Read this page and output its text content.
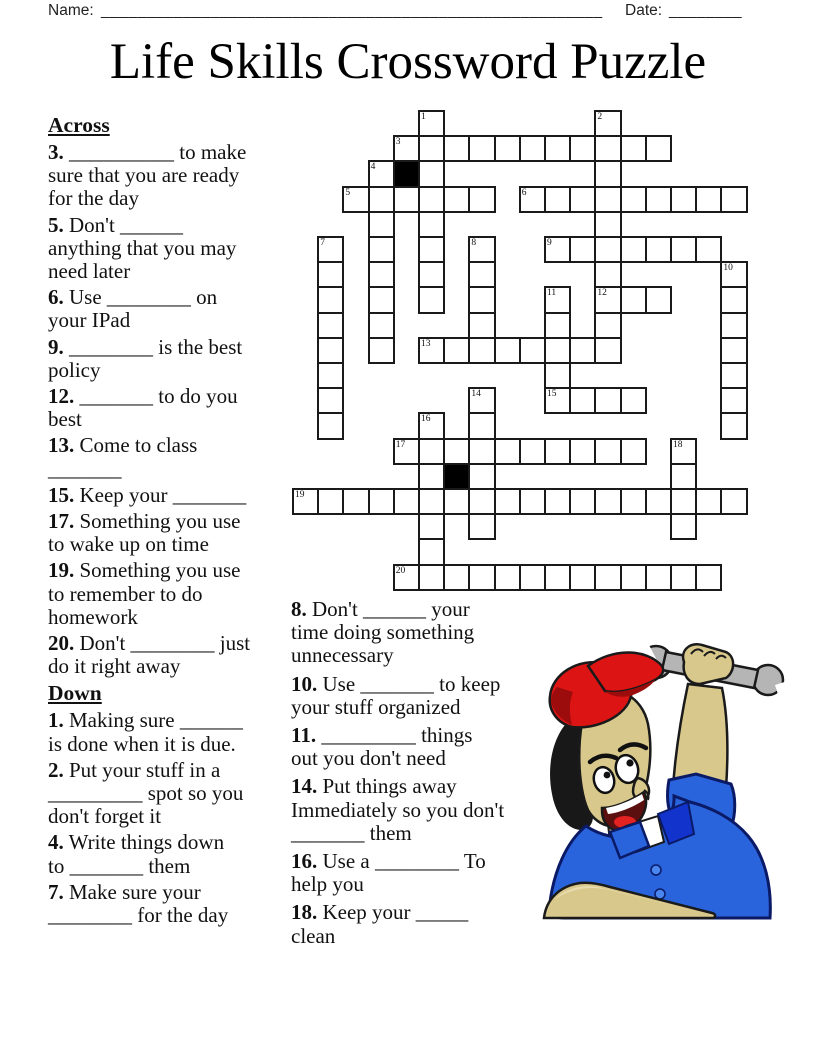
Name: _______________________________________________________ Date: ________
Life Skills Crossword Puzzle
Across
3. __________ to make
sure that you are ready
for the day
5. Don't ______
anything that you may
need later
6. Use ________ on
your IPad
9. ________ is the best
policy
12. _______ to do you
best
13. Come to class
_______
15. Keep your _______
17. Something you use
to wake up on time
19. Something you use
to remember to do
homework
20. Don't ________ just
do it right away
Down
1. Making sure ______
is done when it is due.
2. Put your stuff in a
_________ spot so you
don't forget it
4. Write things down
to _______ them
7. Make sure your
________ for the day
1	2
12
3
4
5	6
7	8	9
10
11
13
14	15
16
17	18
19
20
8. Don't ______ your
time doing something
unnecessary
10. Use _______ to keep
your stuff organized
11. _________ things
out you don't need
14. Put things away
Immediately so you don't
_______ them
16. Use a ________ To
help you
18. Keep your _____
clean
